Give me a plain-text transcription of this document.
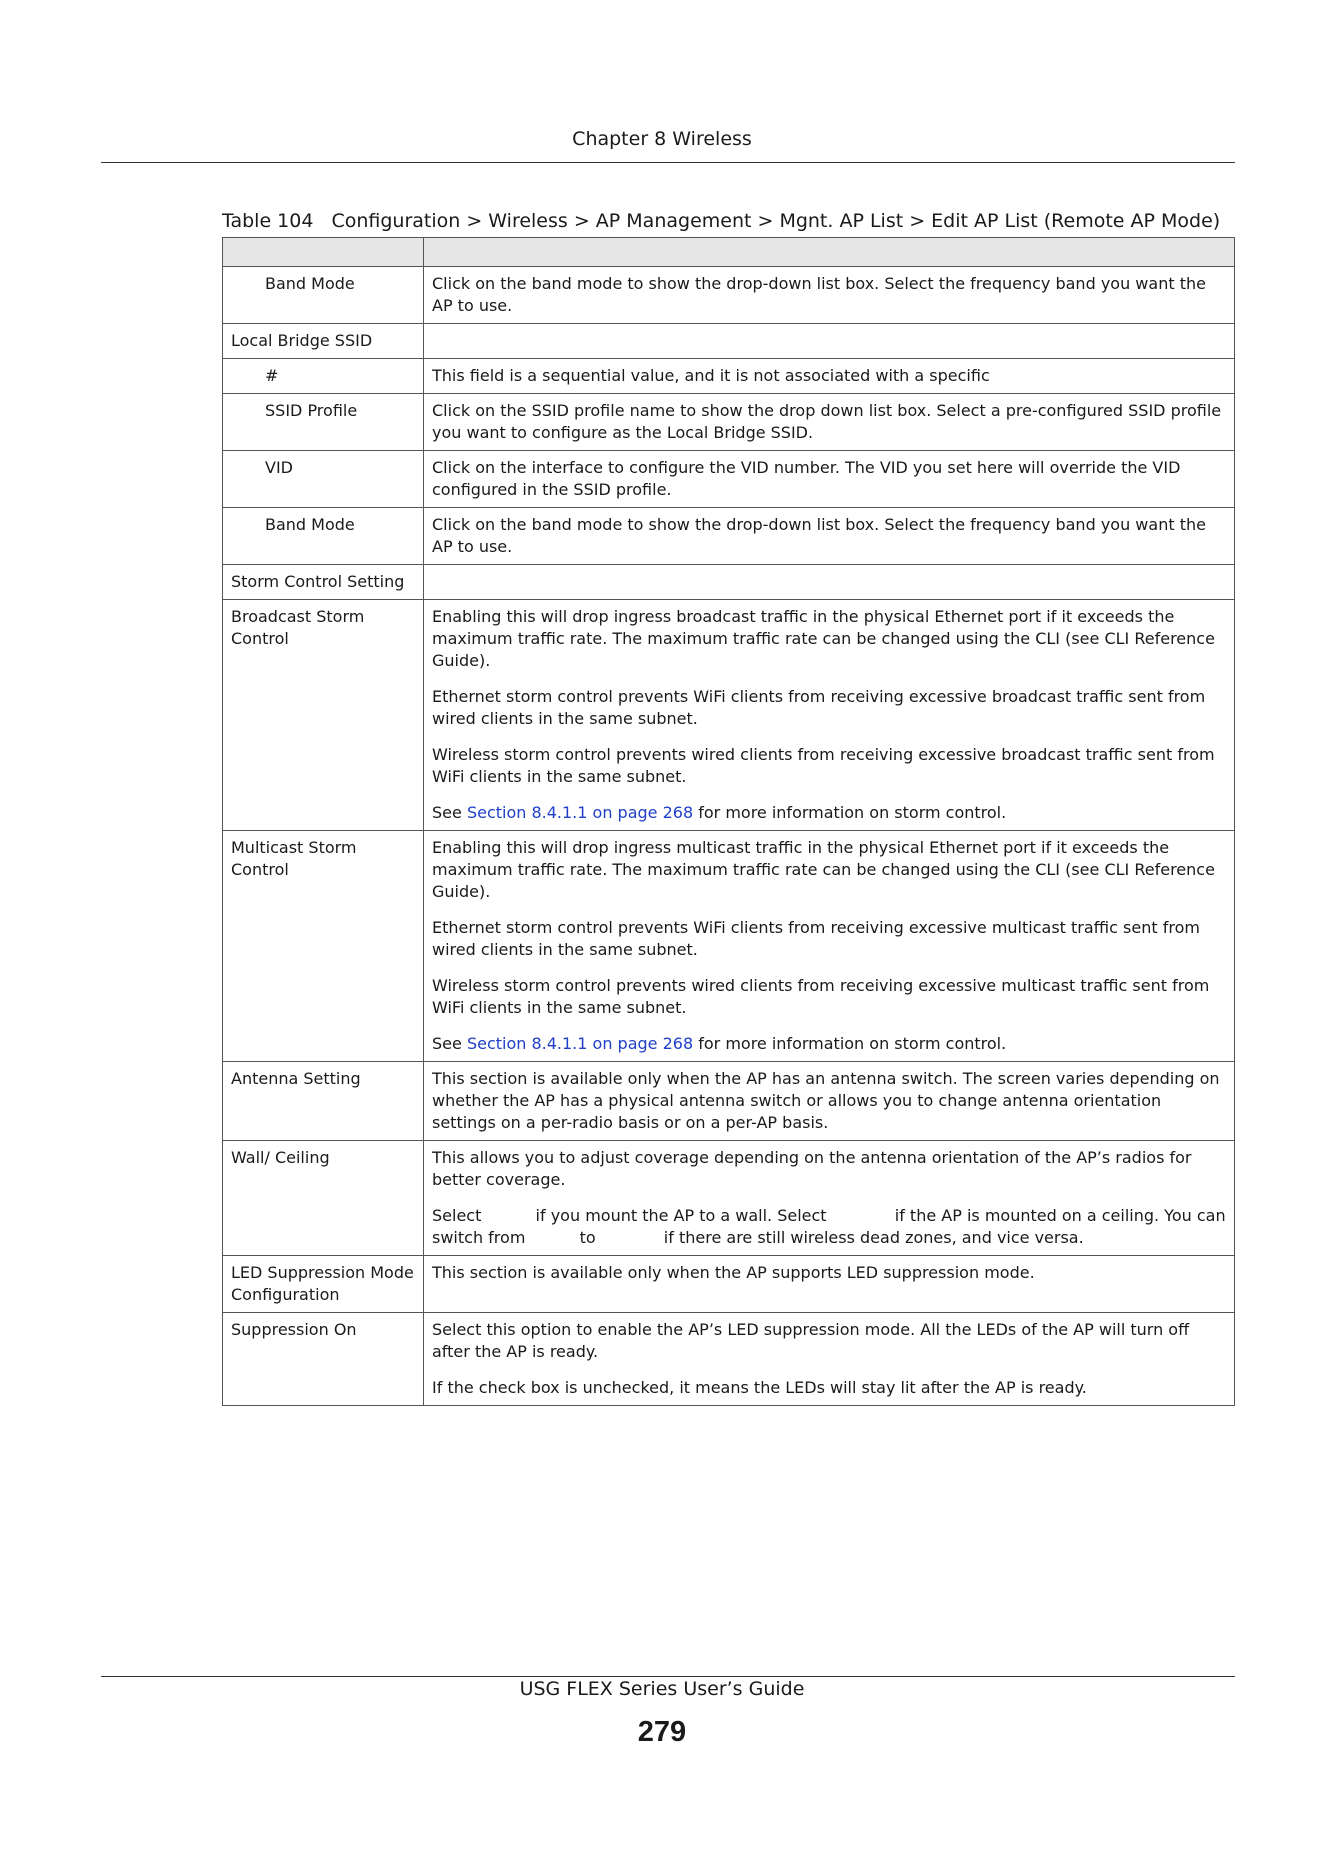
Chapter 8 Wireless
Table 104 Configuration > Wireless > AP Management > Mgnt. AP List > Edit AP List (Remote AP Mode)

Band Mode	Click on the band mode to show the drop-down list box. Select the frequency band you want the AP to use.

Local Bridge SSID	

#	This field is a sequential value, and it is not associated with a specific

SSID Profile	Click on the SSID profile name to show the drop down list box. Select a pre-configured SSID profile you want to configure as the Local Bridge SSID.

VID	Click on the interface to configure the VID number. The VID you set here will override the VID configured in the SSID profile.

Band Mode	Click on the band mode to show the drop-down list box. Select the frequency band you want the AP to use.

Storm Control Setting	

Broadcast Storm Control	Enabling this will drop ingress broadcast traffic in the physical Ethernet port if it exceeds the maximum traffic rate. The maximum traffic rate can be changed using the CLI (see CLI Reference Guide).

Ethernet storm control prevents WiFi clients from receiving excessive broadcast traffic sent from wired clients in the same subnet.

Wireless storm control prevents wired clients from receiving excessive broadcast traffic sent from WiFi clients in the same subnet.

See Section 8.4.1.1 on page 268 for more information on storm control.

Multicast Storm Control	Enabling this will drop ingress multicast traffic in the physical Ethernet port if it exceeds the maximum traffic rate. The maximum traffic rate can be changed using the CLI (see CLI Reference Guide).

Ethernet storm control prevents WiFi clients from receiving excessive multicast traffic sent from wired clients in the same subnet.

Wireless storm control prevents wired clients from receiving excessive multicast traffic sent from WiFi clients in the same subnet.

See Section 8.4.1.1 on page 268 for more information on storm control.

Antenna Setting	This section is available only when the AP has an antenna switch. The screen varies depending on whether the AP has a physical antenna switch or allows you to change antenna orientation settings on a per-radio basis or on a per-AP basis.

Wall/ Ceiling	This allows you to adjust coverage depending on the antenna orientation of the AP’s radios for better coverage.

Select if you mount the AP to a wall. Select if the AP is mounted on a ceiling. You can switch from to if there are still wireless dead zones, and vice versa.

LED Suppression Mode Configuration	This section is available only when the AP supports LED suppression mode.

Suppression On	Select this option to enable the AP’s LED suppression mode. All the LEDs of the AP will turn off after the AP is ready.

If the check box is unchecked, it means the LEDs will stay lit after the AP is ready.

USG FLEX Series User’s Guide
279
